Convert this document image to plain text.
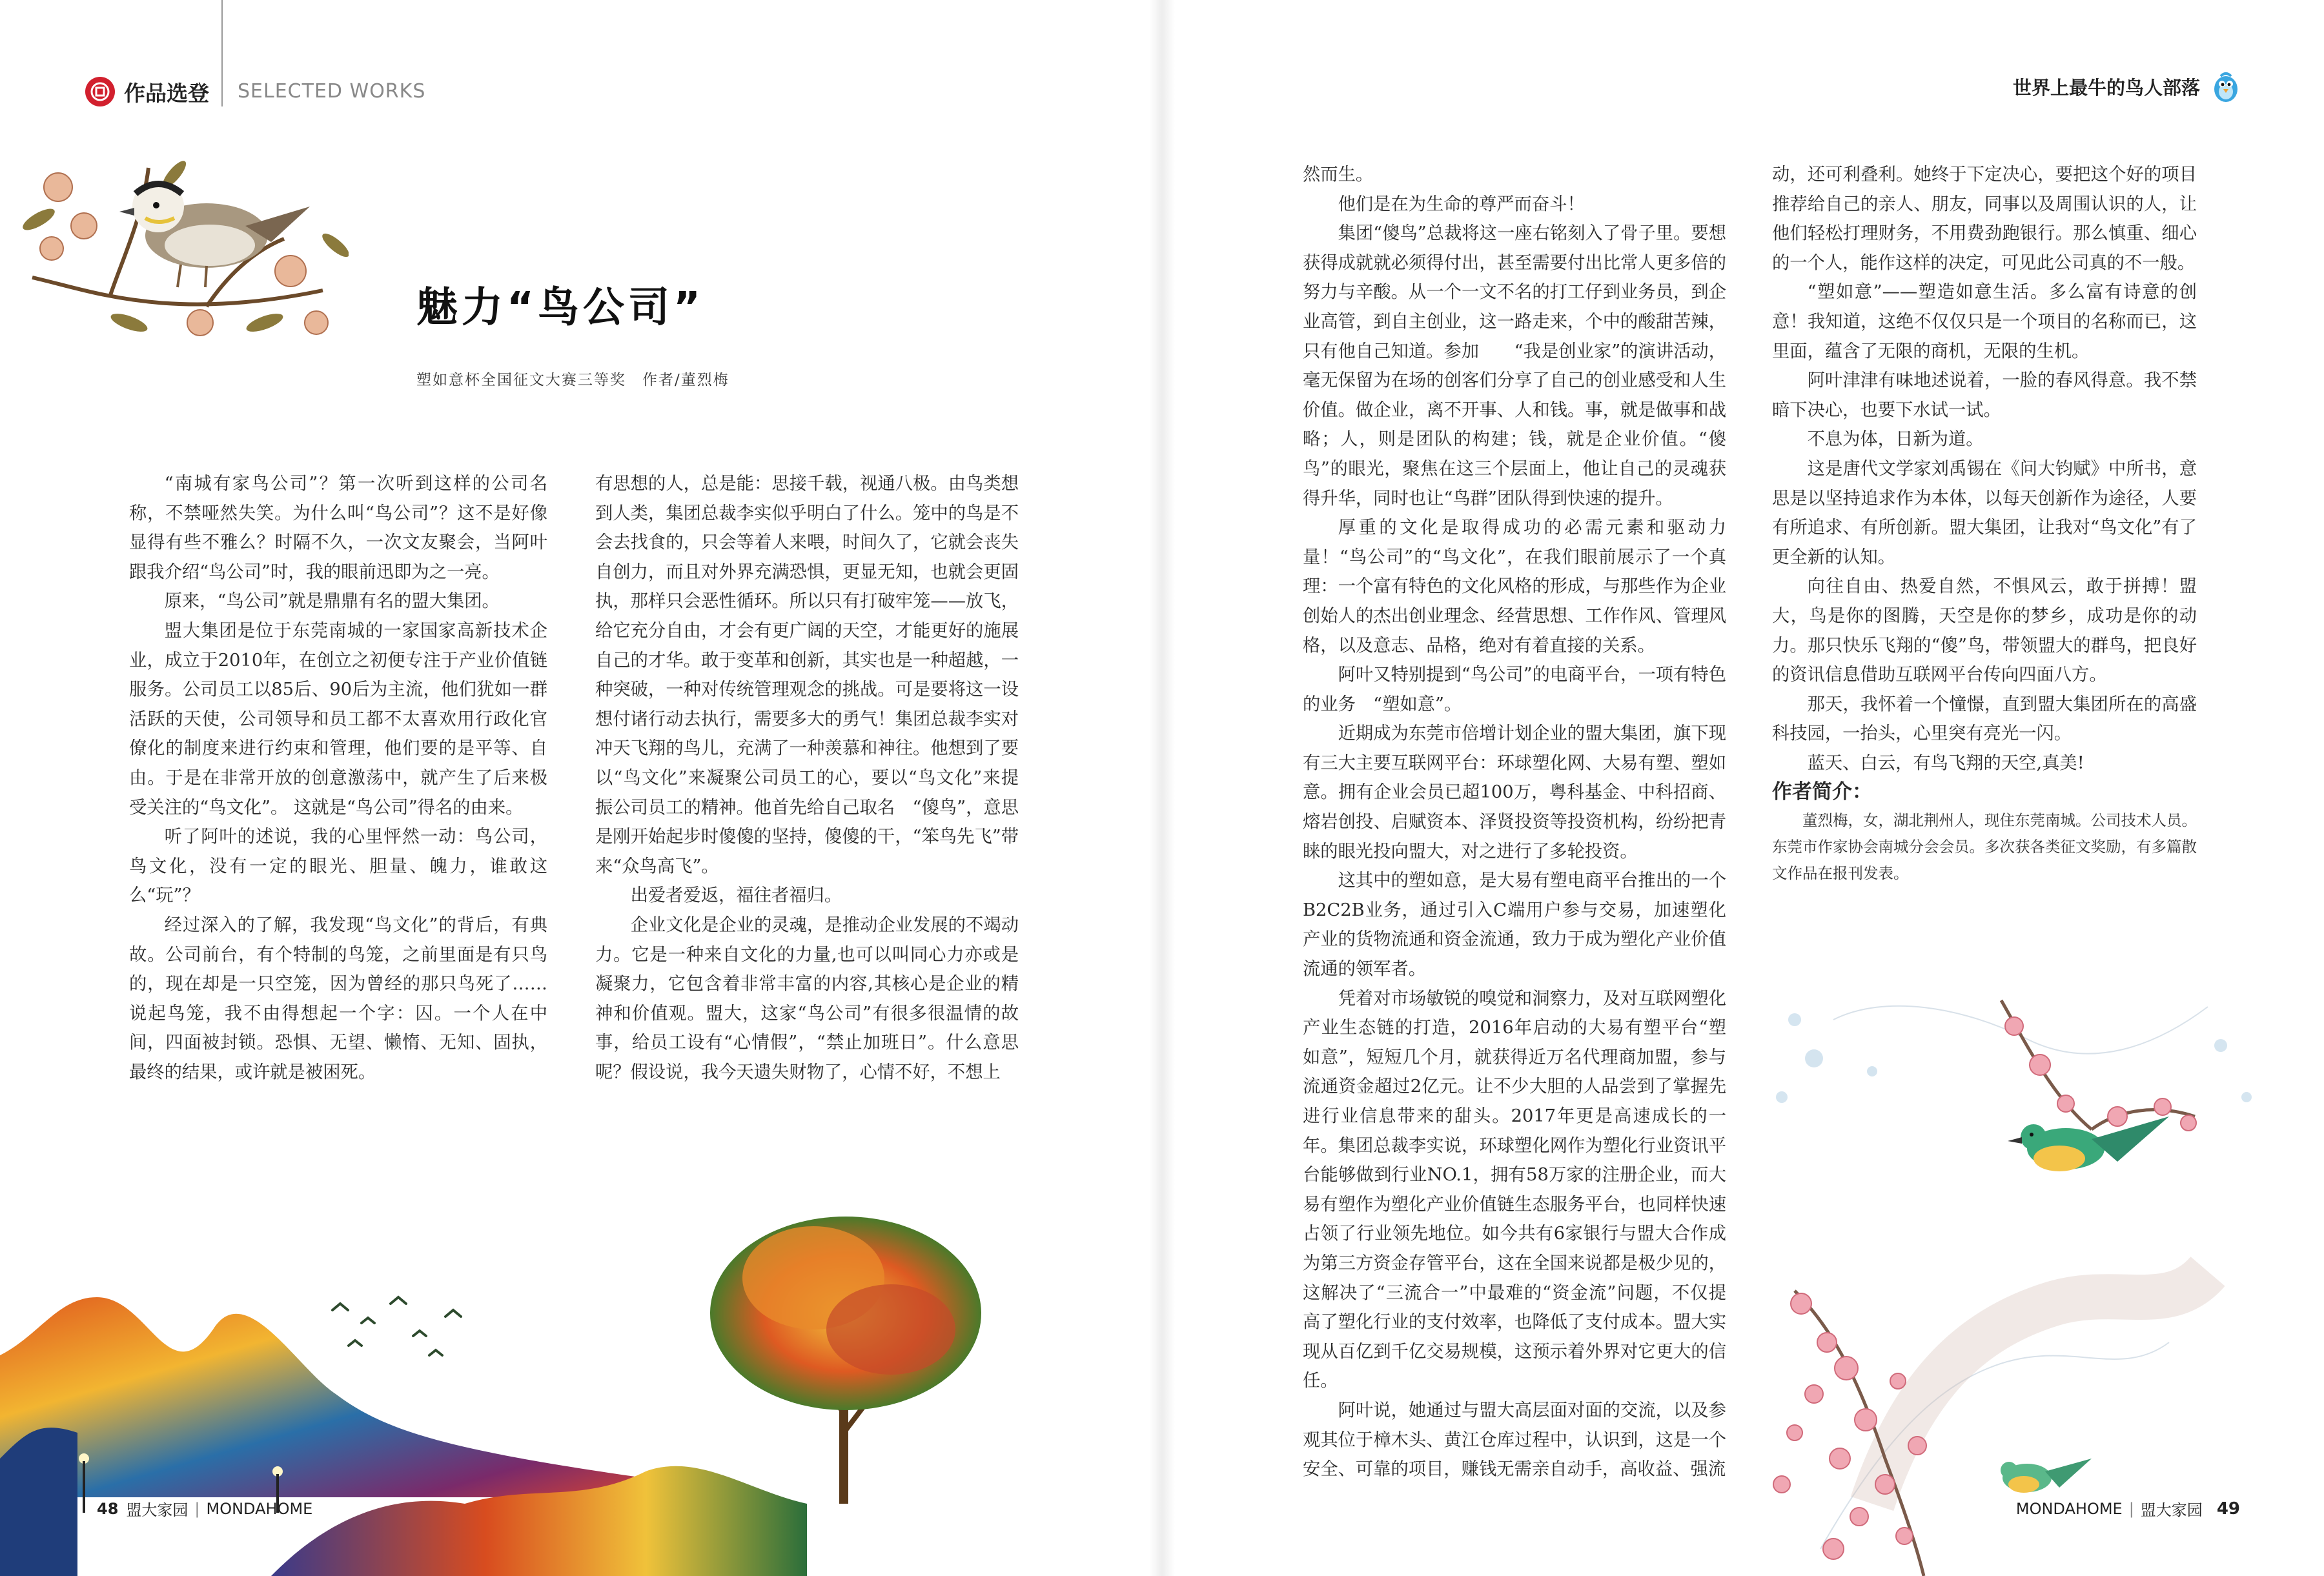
作品选登 SELECTED WORKS
魅力“鸟公司”
塑如意杯全国征文大赛三等奖　作者/董烈梅

“南城有家鸟公司”？第一次听到这样的公司名称，不禁哑然失笑。为什么叫“鸟公司”？这不是好像显得有些不雅么？时隔不久，一次文友聚会，当阿叶跟我介绍“鸟公司”时，我的眼前迅即为之一亮。

原来，“鸟公司”就是鼎鼎有名的盟大集团。

盟大集团是位于东莞南城的一家国家高新技术企业，成立于2010年，在创立之初便专注于产业价值链服务。公司员工以85后、90后为主流，他们犹如一群活跃的天使，公司领导和员工都不太喜欢用行政化官僚化的制度来进行约束和管理，他们要的是平等、自由。于是在非常开放的创意激荡中，就产生了后来极受关注的“鸟文化”。 这就是“鸟公司”得名的由来。

听了阿叶的述说，我的心里怦然一动：鸟公司，鸟文化，没有一定的眼光、胆量、魄力，谁敢这么“玩”？

经过深入的了解，我发现“鸟文化”的背后，有典故。公司前台，有个特制的鸟笼，之前里面是有只鸟的，现在却是一只空笼，因为曾经的那只鸟死了……说起鸟笼，我不由得想起一个字：囚。一个人在中间，四面被封锁。恐惧、无望、懒惰、无知、固执，最终的结果，或许就是被困死。

有思想的人，总是能：思接千载，视通八极。由鸟类想到人类，集团总裁李实似乎明白了什么。笼中的鸟是不会去找食的，只会等着人来喂，时间久了，它就会丧失自创力，而且对外界充满恐惧，更显无知，也就会更固执，那样只会恶性循环。所以只有打破牢笼——放飞，给它充分自由，才会有更广阔的天空，才能更好的施展自己的才华。敢于变革和创新，其实也是一种超越，一种突破，一种对传统管理观念的挑战。可是要将这一设想付诸行动去执行，需要多大的勇气！集团总裁李实对冲天飞翔的鸟儿，充满了一种羡慕和神往。他想到了要以“鸟文化”来凝聚公司员工的心，要以“鸟文化”来提振公司员工的精神。他首先给自己取名　“傻鸟”，意思是刚开始起步时傻傻的坚持，傻傻的干，“笨鸟先飞”带来“众鸟高飞”。

出爱者爱返，福往者福归。

企业文化是企业的灵魂，是推动企业发展的不竭动力。它是一种来自文化的力量,也可以叫同心力亦或是凝聚力，它包含着非常丰富的内容,其核心是企业的精神和价值观。盟大，这家“鸟公司”有很多很温情的故事，给员工设有“心情假”，“禁止加班日”。什么意思呢？假设说，我今天遗失财物了，心情不好，不想上

48 盟大家园 | MONDAHOME
世界上最牛的鸟人部落

然而生。

他们是在为生命的尊严而奋斗！

集团“傻鸟”总裁将这一座右铭刻入了骨子里。要想获得成就就必须得付出，甚至需要付出比常人更多倍的努力与辛酸。从一个一文不名的打工仔到业务员，到企业高管，到自主创业，这一路走来，个中的酸甜苦辣，只有他自己知道。参加　　“我是创业家”的演讲活动，毫无保留为在场的创客们分享了自己的创业感受和人生价值。做企业，离不开事、人和钱。事，就是做事和战略；人，则是团队的构建；钱，就是企业价值。“傻鸟”的眼光，聚焦在这三个层面上，他让自己的灵魂获得升华，同时也让“鸟群”团队得到快速的提升。

厚重的文化是取得成功的必需元素和驱动力量！“鸟公司”的“鸟文化”，在我们眼前展示了一个真理：一个富有特色的文化风格的形成，与那些作为企业创始人的杰出创业理念、经营思想、工作作风、管理风格，以及意志、品格，绝对有着直接的关系。

阿叶又特别提到“鸟公司”的电商平台，一项有特色的业务　“塑如意”。

近期成为东莞市倍增计划企业的盟大集团，旗下现有三大主要互联网平台：环球塑化网、大易有塑、塑如意。拥有企业会员已超100万，粤科基金、中科招商、熔岩创投、启赋资本、泽贤投资等投资机构，纷纷把青睐的眼光投向盟大，对之进行了多轮投资。

这其中的塑如意，是大易有塑电商平台推出的一个B2C2B业务，通过引入C端用户参与交易，加速塑化产业的货物流通和资金流通，致力于成为塑化产业价值流通的领军者。

凭着对市场敏锐的嗅觉和洞察力，及对互联网塑化产业生态链的打造，2016年启动的大易有塑平台“塑如意”，短短几个月，就获得近万名代理商加盟，参与流通资金超过2亿元。让不少大胆的人品尝到了掌握先进行业信息带来的甜头。2017年更是高速成长的一年。集团总裁李实说，环球塑化网作为塑化行业资讯平台能够做到行业NO.1，拥有58万家的注册企业，而大易有塑作为塑化产业价值链生态服务平台，也同样快速占领了行业领先地位。如今共有6家银行与盟大合作成为第三方资金存管平台，这在全国来说都是极少见的，这解决了“三流合一”中最难的“资金流”问题，不仅提高了塑化行业的支付效率，也降低了支付成本。盟大实现从百亿到千亿交易规模，这预示着外界对它更大的信任。

阿叶说，她通过与盟大高层面对面的交流，以及参观其位于樟木头、黄江仓库过程中，认识到，这是一个安全、可靠的项目，赚钱无需亲自动手，高收益、强流

动，还可利叠利。她终于下定决心，要把这个好的项目推荐给自己的亲人、朋友，同事以及周围认识的人，让他们轻松打理财务，不用费劲跑银行。那么慎重、细心的一个人，能作这样的决定，可见此公司真的不一般。

“塑如意”——塑造如意生活。多么富有诗意的创意！我知道，这绝不仅仅只是一个项目的名称而已，这里面，蕴含了无限的商机，无限的生机。

阿叶津津有味地述说着，一脸的春风得意。我不禁暗下决心，也要下水试一试。

不息为体，日新为道。

这是唐代文学家刘禹锡在《问大钧赋》中所书，意思是以坚持追求作为本体，以每天创新作为途径，人要有所追求、有所创新。盟大集团，让我对“鸟文化”有了更全新的认知。

向往自由、热爱自然，不惧风云，敢于拼搏！盟大，鸟是你的图腾，天空是你的梦乡，成功是你的动力。那只快乐飞翔的“傻”鸟，带领盟大的群鸟，把良好的资讯信息借助互联网平台传向四面八方。

那天，我怀着一个憧憬，直到盟大集团所在的高盛科技园，一抬头，心里突有亮光一闪。

蓝天、白云，有鸟飞翔的天空,真美!

作者简介：

董烈梅，女，湖北荆州人，现住东莞南城。公司技术人员。东莞市作家协会南城分会会员。多次获各类征文奖励，有多篇散文作品在报刊发表。

MONDAHOME | 盟大家园 49
